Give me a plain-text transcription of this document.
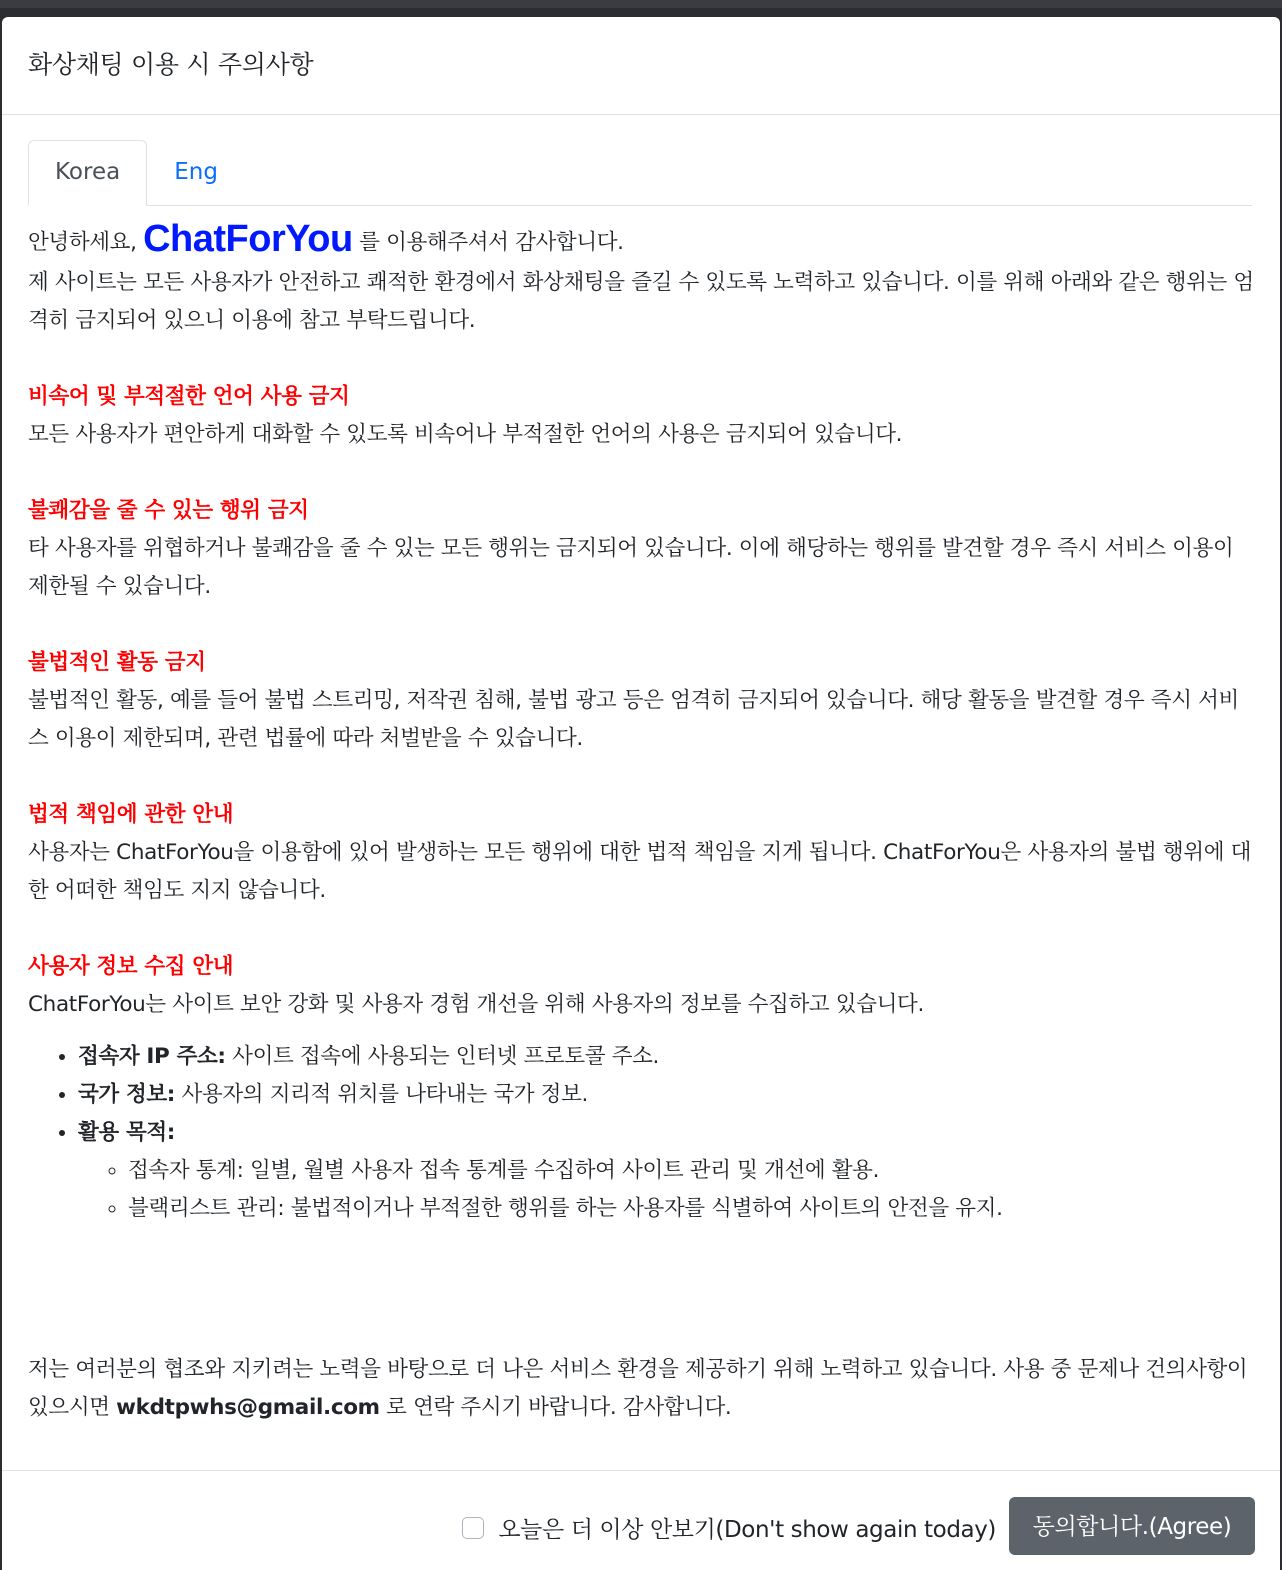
화상채팅 이용 시 주의사항
Korea	Eng

안녕하세요, ChatForYou 를 이용해주셔서 감사합니다.

제 사이트는 모든 사용자가 안전하고 쾌적한 환경에서 화상채팅을 즐길 수 있도록 노력하고 있습니다. 이를 위해 아래와 같은 행위는 엄격히 금지되어 있으니 이용에 참고 부탁드립니다.

비속어 및 부적절한 언어 사용 금지

모든 사용자가 편안하게 대화할 수 있도록 비속어나 부적절한 언어의 사용은 금지되어 있습니다.

불쾌감을 줄 수 있는 행위 금지

타 사용자를 위협하거나 불쾌감을 줄 수 있는 모든 행위는 금지되어 있습니다. 이에 해당하는 행위를 발견할 경우 즉시 서비스 이용이 제한될 수 있습니다.

불법적인 활동 금지

불법적인 활동, 예를 들어 불법 스트리밍, 저작권 침해, 불법 광고 등은 엄격히 금지되어 있습니다. 해당 활동을 발견할 경우 즉시 서비스 이용이 제한되며, 관련 법률에 따라 처벌받을 수 있습니다.

법적 책임에 관한 안내

사용자는 ChatForYou을 이용함에 있어 발생하는 모든 행위에 대한 법적 책임을 지게 됩니다. ChatForYou은 사용자의 불법 행위에 대한 어떠한 책임도 지지 않습니다.

사용자 정보 수집 안내

ChatForYou는 사이트 보안 강화 및 사용자 경험 개선을 위해 사용자의 정보를 수집하고 있습니다.

• 접속자 IP 주소: 사이트 접속에 사용되는 인터넷 프로토콜 주소.
• 국가 정보: 사용자의 지리적 위치를 나타내는 국가 정보.
• 활용 목적:
◦ 접속자 통계: 일별, 월별 사용자 접속 통계를 수집하여 사이트 관리 및 개선에 활용.
◦ 블랙리스트 관리: 불법적이거나 부적절한 행위를 하는 사용자를 식별하여 사이트의 안전을 유지.

저는 여러분의 협조와 지키려는 노력을 바탕으로 더 나은 서비스 환경을 제공하기 위해 노력하고 있습니다. 사용 중 문제나 건의사항이 있으시면 wkdtpwhs@gmail.com 로 연락 주시기 바랍니다. 감사합니다.

오늘은 더 이상 안보기(Don't show again today)	동의합니다.(Agree)
